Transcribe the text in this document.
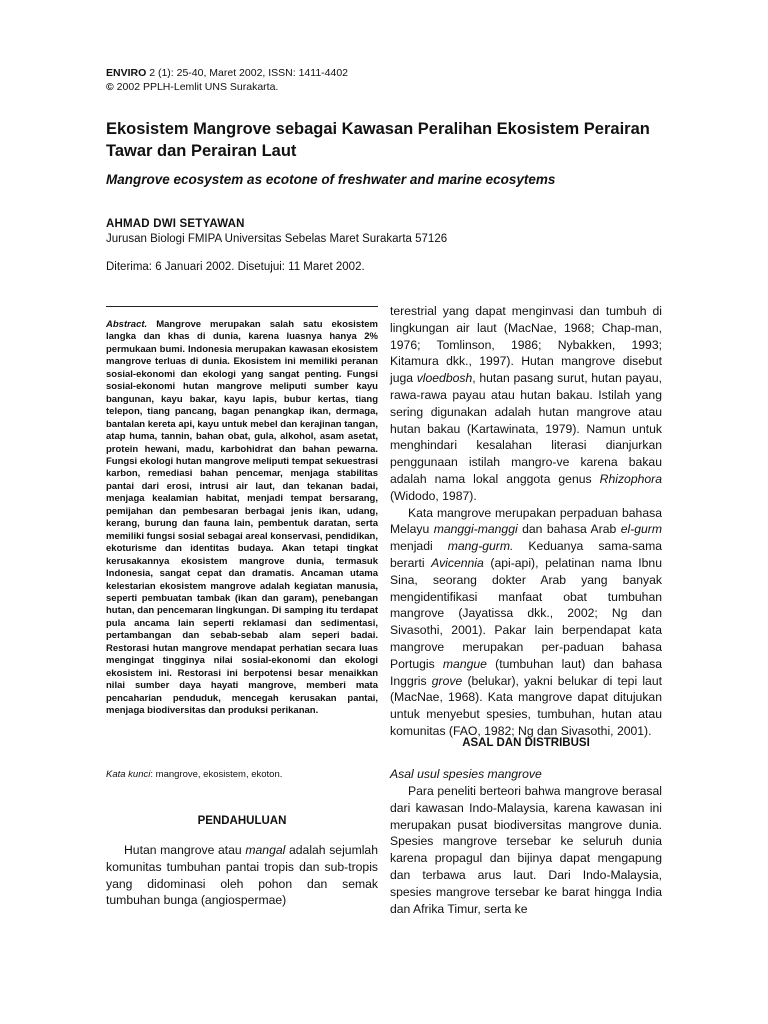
ENVIRO 2 (1): 25-40, Maret 2002, ISSN: 1411-4402
© 2002 PPLH-Lemlit UNS Surakarta.
Ekosistem Mangrove sebagai Kawasan Peralihan Ekosistem Perairan Tawar dan Perairan Laut
Mangrove ecosystem as ecotone of freshwater and marine ecosytems
AHMAD DWI SETYAWAN
Jurusan Biologi FMIPA Universitas Sebelas Maret Surakarta 57126
Diterima: 6 Januari 2002. Disetujui: 11 Maret 2002.
Abstract. Mangrove merupakan salah satu ekosistem langka dan khas di dunia, karena luasnya hanya 2% permukaan bumi. Indonesia merupakan kawasan ekosistem mangrove terluas di dunia. Ekosistem ini memiliki peranan sosial-ekonomi dan ekologi yang sangat penting. Fungsi sosial-ekonomi hutan mangrove meliputi sumber kayu bangunan, kayu bakar, kayu lapis, bubur kertas, tiang telepon, tiang pancang, bagan penangkap ikan, dermaga, bantalan kereta api, kayu untuk mebel dan kerajinan tangan, atap huma, tannin, bahan obat, gula, alkohol, asam asetat, protein hewani, madu, karbohidrat dan bahan pewarna. Fungsi ekologi hutan mangrove meliputi tempat sekuestrasi karbon, remediasi bahan pencemar, menjaga stabilitas pantai dari erosi, intrusi air laut, dan tekanan badai, menjaga kealamian habitat, menjadi tempat bersarang, pemijahan dan pembesaran berbagai jenis ikan, udang, kerang, burung dan fauna lain, pembentuk daratan, serta memiliki fungsi sosial sebagai areal konservasi, pendidikan, ekoturisme dan identitas budaya. Akan tetapi tingkat kerusakannya ekosistem mangrove dunia, termasuk Indonesia, sangat cepat dan dramatis. Ancaman utama kelestarian ekosistem mangrove adalah kegiatan manusia, seperti pembuatan tambak (ikan dan garam), penebangan hutan, dan pencemaran lingkungan. Di samping itu terdapat pula ancama lain seperti reklamasi dan sedimentasi, pertambangan dan sebab-sebab alam seperi badai. Restorasi hutan mangrove mendapat perhatian secara luas mengingat tingginya nilai sosial-ekonomi dan ekologi ekosistem ini. Restorasi ini berpotensi besar menaikkan nilai sumber daya hayati mangrove, memberi mata pencaharian penduduk, mencegah kerusakan pantai, menjaga biodiversitas dan produksi perikanan.
Kata kunci: mangrove, ekosistem, ekoton.
PENDAHULUAN
Hutan mangrove atau mangal adalah sejumlah komunitas tumbuhan pantai tropis dan sub-tropis yang didominasi oleh pohon dan semak tumbuhan bunga (angiospermae)

terestrial yang dapat menginvasi dan tumbuh di lingkungan air laut (MacNae, 1968; Chap-man, 1976; Tomlinson, 1986; Nybakken, 1993; Kitamura dkk., 1997). Hutan mangrove disebut juga vloedbosh, hutan pasang surut, hutan payau, rawa-rawa payau atau hutan bakau. Istilah yang sering digunakan adalah hutan mangrove atau hutan bakau (Kartawinata, 1979). Namun untuk menghindari kesalahan literasi dianjurkan penggunaan istilah mangro-ve karena bakau adalah nama lokal anggota genus Rhizophora (Widodo, 1987).

Kata mangrove merupakan perpaduan bahasa Melayu manggi-manggi dan bahasa Arab el-gurm menjadi mang-gurm. Keduanya sama-sama berarti Avicennia (api-api), pelatinan nama Ibnu Sina, seorang dokter Arab yang banyak mengidentifikasi manfaat obat tumbuhan mangrove (Jayatissa dkk., 2002; Ng dan Sivasothi, 2001). Pakar lain berpendapat kata mangrove merupakan per-paduan bahasa Portugis mangue (tumbuhan laut) dan bahasa Inggris grove (belukar), yakni belukar di tepi laut (MacNae, 1968). Kata mangrove dapat ditujukan untuk menyebut spesies, tumbuhan, hutan atau komunitas (FAO, 1982; Ng dan Sivasothi, 2001).

ASAL DAN DISTRIBUSI
Asal usul spesies mangrove
Para peneliti berteori bahwa mangrove berasal dari kawasan Indo-Malaysia, karena kawasan ini merupakan pusat biodiversitas mangrove dunia. Spesies mangrove tersebar ke seluruh dunia karena propagul dan bijinya dapat mengapung dan terbawa arus laut. Dari Indo-Malaysia, spesies mangrove tersebar ke barat hingga India dan Afrika Timur, serta ke
